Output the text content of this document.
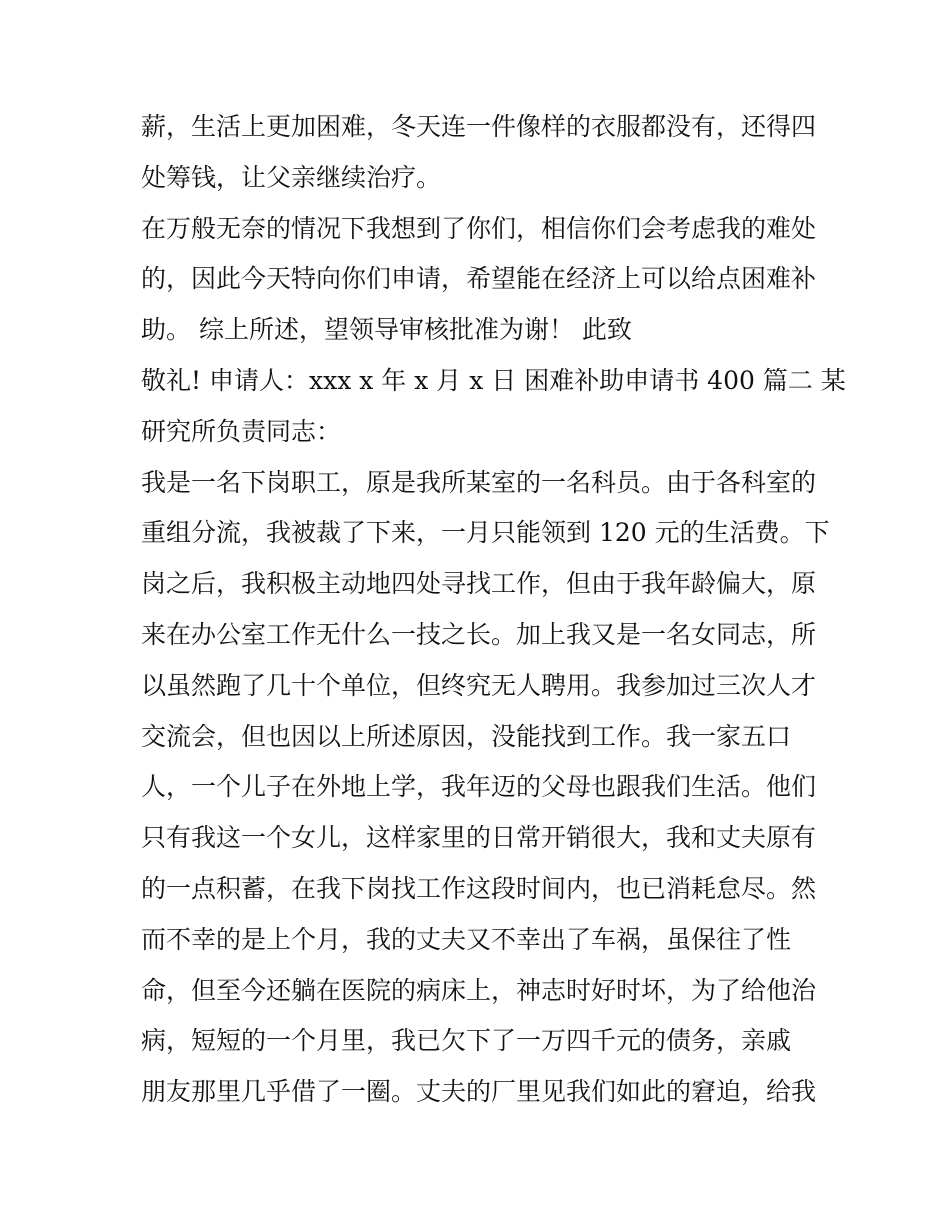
薪，生活上更加困难，冬天连一件像样的衣服都没有，还得四
处筹钱，让父亲继续治疗。
在万般无奈的情况下我想到了你们，相信你们会考虑我的难处
的，因此今天特向你们申请，希望能在经济上可以给点困难补
助。 综上所述，望领导审核批准为谢！ 此致
敬礼! 申请人：xxx x 年 x 月 x 日 困难补助申请书 400 篇二 某
研究所负责同志：
我是一名下岗职工，原是我所某室的一名科员。由于各科室的
重组分流，我被裁了下来，一月只能领到 120 元的生活费。下
岗之后，我积极主动地四处寻找工作，但由于我年龄偏大，原
来在办公室工作无什么一技之长。加上我又是一名女同志，所
以虽然跑了几十个单位，但终究无人聘用。我参加过三次人才
交流会，但也因以上所述原因，没能找到工作。我一家五口
人，一个儿子在外地上学，我年迈的父母也跟我们生活。他们
只有我这一个女儿，这样家里的日常开销很大，我和丈夫原有
的一点积蓄，在我下岗找工作这段时间内，也已消耗怠尽。然
而不幸的是上个月，我的丈夫又不幸出了车祸，虽保往了性
命，但至今还躺在医院的病床上，神志时好时坏，为了给他治
病，短短的一个月里，我已欠下了一万四千元的债务，亲戚
朋友那里几乎借了一圈。丈夫的厂里见我们如此的窘迫，给我
